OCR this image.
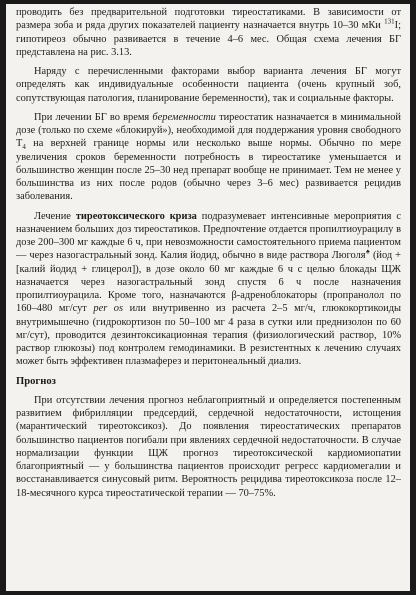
проводить без предварительной подготовки тиреостатиками. В зависимости от размера зоба и ряда других показателей пациенту назначается внутрь 10–30 мКи $^{131}$I; гипотиреоз обычно развивается в течение 4–6 мес. Общая схема лечения БГ представлена на рис. 3.13.

Наряду с перечисленными факторами выбор варианта лечения БГ могут определять как индивидуальные особенности пациента (очень крупный зоб, сопутствующая патология, планирование беременности), так и социальные факторы.

При лечении БГ во время беременности тиреостатик назначается в минимальной дозе (только по схеме «блокируй»), необходимой для поддержания уровня свободного $Т_4$ на верхней границе нормы или несколько выше нормы. Обычно по мере увеличения сроков беременности потребность в тиреостатике уменьшается и большинство женщин после 25–30 нед препарат вообще не принимает. Тем не менее у большинства из них после родов (обычно через 3–6 мес) развивается рецидив заболевания.

Лечение тиреотоксического криза подразумевает интенсивные мероприятия с назначением больших доз тиреостатиков. Предпочтение отдается пропилтиоурацилу в дозе 200–300 мг каждые 6 ч, при невозможности самостоятельного приема пациентом — через назогастральный зонд. Калия йодид, обычно в виде раствора Люголя♠ (йод + [калий йодид + глицерол]), в дозе около 60 мг каждые 6 ч с целью блокады ЩЖ назначается через назогастральный зонд спустя 6 ч после назначения пропилтиоурацила. Кроме того, назначаются β-адреноблокаторы (пропранолол по 160–480 мг/сут per os или внутривенно из расчета 2–5 мг/ч, глюкокортикоиды внутримышечно (гидрокортизон по 50–100 мг 4 раза в сутки или преднизолон по 60 мг/сут), проводится дезинтоксикационная терапия (физиологический раствор, 10% раствор глюкозы) под контролем гемодинамики. В резистентных к лечению случаях может быть эффективен плазмаферез и перитонеальный диализ.

Прогноз

При отсутствии лечения прогноз неблагоприятный и определяется постепенным развитием фибрилляции предсердий, сердечной недостаточности, истощения (марантический тиреотоксикоз). До появления тиреостатических препаратов большинство пациентов погибали при явлениях сердечной недостаточности. В случае нормализации функции ЩЖ прогноз тиреотоксической кардиомиопатии благоприятный — у большинства пациентов происходит регресс кардиомегалии и восстанавливается синусовый ритм. Вероятность рецидива тиреотоксикоза после 12–18-месячного курса тиреостатической терапии — 70–75%.
